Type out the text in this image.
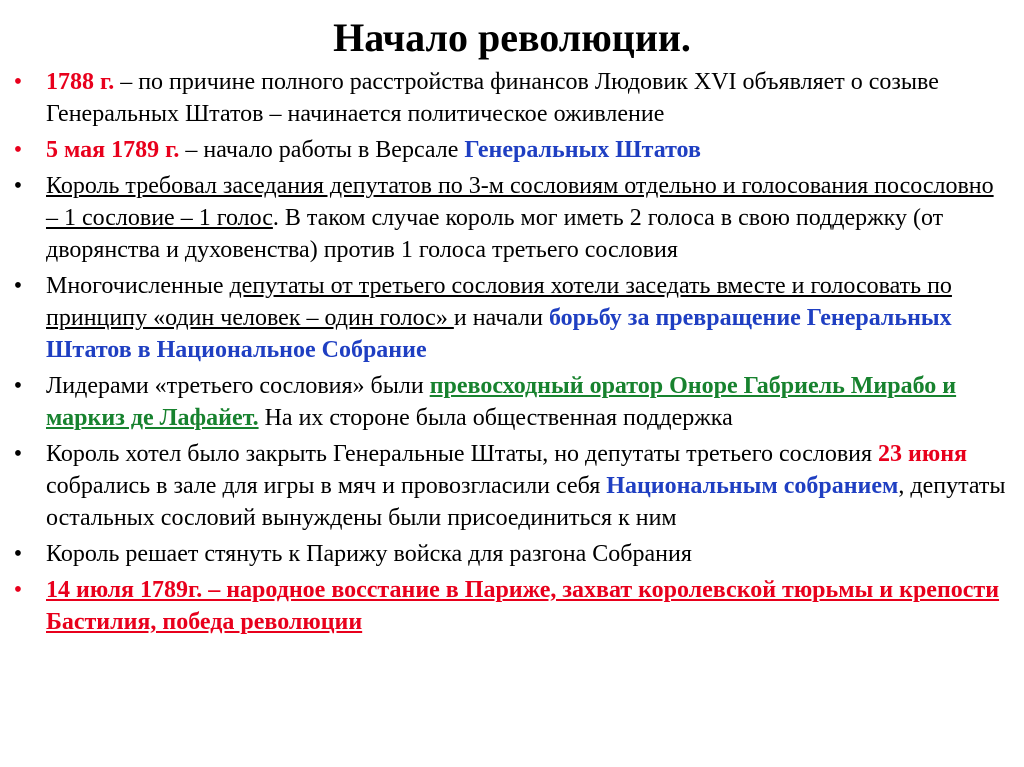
Начало революции.
• 1788 г. – по причине полного расстройства финансов Людовик XVI объявляет о созыве Генеральных Штатов – начинается политическое оживление
• 5 мая 1789 г. – начало работы в Версале Генеральных Штатов
• Король требовал заседания депутатов по 3-м сословиям отдельно и голосования посословно – 1 сословие – 1 голос. В таком случае король мог иметь 2 голоса в свою поддержку (от дворянства и духовенства) против 1 голоса третьего сословия
• Многочисленные депутаты от третьего сословия хотели заседать вместе и голосовать по принципу «один человек – один голос» и начали борьбу за превращение Генеральных Штатов в Национальное Собрание
• Лидерами «третьего сословия» были превосходный оратор Оноре Габриель Мирабо и маркиз де Лафайет. На их стороне была общественная поддержка
• Король хотел было закрыть Генеральные Штаты, но депутаты третьего сословия 23 июня собрались в зале для игры в мяч и провозгласили себя Национальным собранием, депутаты остальных сословий вынуждены были присоединиться к ним
• Король решает стянуть к Парижу войска для разгона Собрания
• 14 июля 1789г. – народное восстание в Париже, захват королевской тюрьмы и крепости Бастилия, победа революции
